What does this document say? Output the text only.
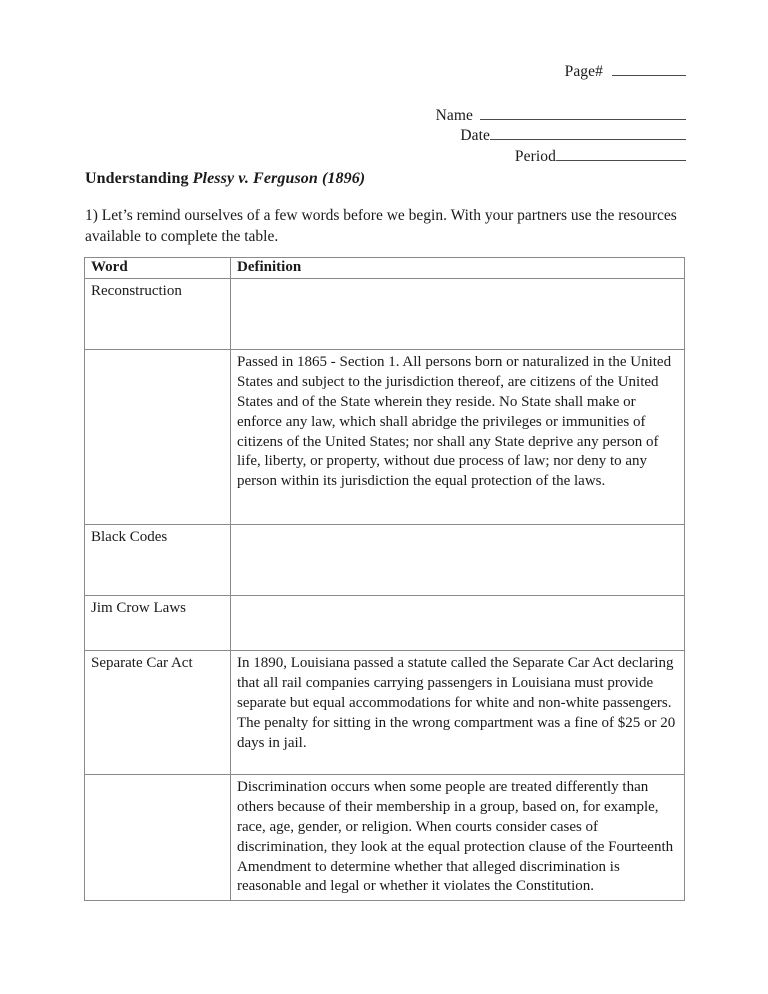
Page#
Name
Date
Period
Understanding Plessy v. Ferguson (1896)
1) Let’s remind ourselves of a few words before we begin. With your partners use the resources available to complete the table.
Word	Definition
Reconstruction	
	Passed in 1865 - Section 1. All persons born or naturalized in the United States and subject to the jurisdiction thereof, are citizens of the United States and of the State wherein they reside. No State shall make or enforce any law, which shall abridge the privileges or immunities of citizens of the United States; nor shall any State deprive any person of life, liberty, or property, without due process of law; nor deny to any person within its jurisdiction the equal protection of the laws.
Black Codes	
Jim Crow Laws	
Separate Car Act	In 1890, Louisiana passed a statute called the Separate Car Act declaring that all rail companies carrying passengers in Louisiana must provide separate but equal accommodations for white and non-white passengers. The penalty for sitting in the wrong compartment was a fine of $25 or 20 days in jail.
	Discrimination occurs when some people are treated differently than others because of their membership in a group, based on, for example, race, age, gender, or religion. When courts consider cases of discrimination, they look at the equal protection clause of the Fourteenth Amendment to determine whether that alleged discrimination is reasonable and legal or whether it violates the Constitution.
